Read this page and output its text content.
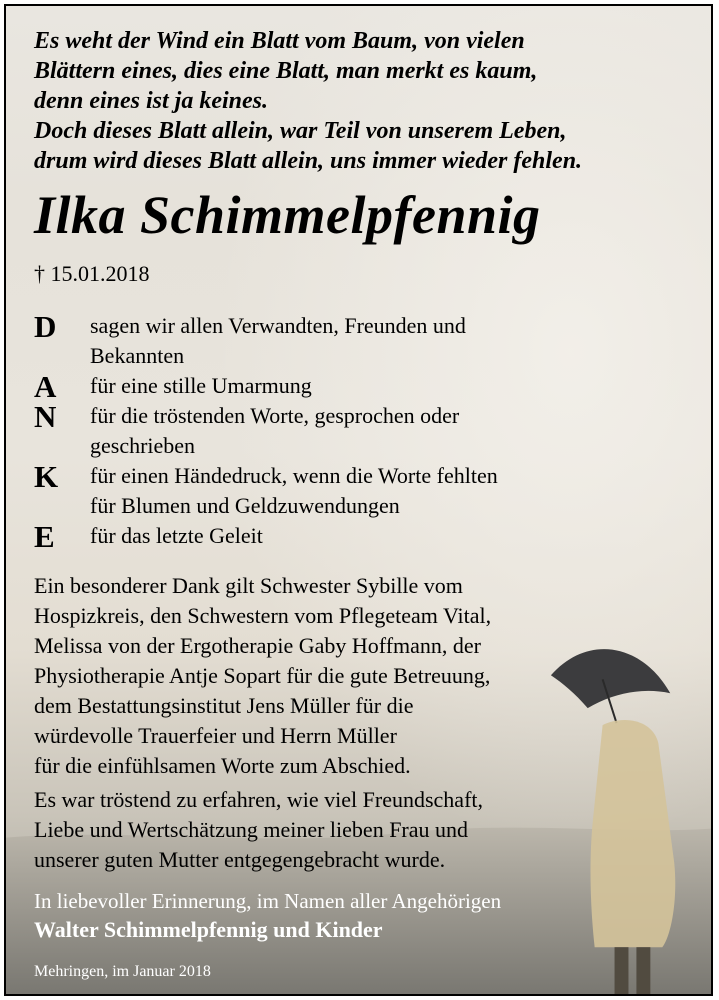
Es weht der Wind ein Blatt vom Baum, von vielen
Blättern eines, dies eine Blatt, man merkt es kaum,
denn eines ist ja keines.
Doch dieses Blatt allein, war Teil von unserem Leben,
drum wird dieses Blatt allein, uns immer wieder fehlen.
Ilka Schimmelpfennig
† 15.01.2018
D sagen wir allen Verwandten, Freunden und
Bekannten
A für eine stille Umarmung
N für die tröstenden Worte, gesprochen oder
geschrieben
K für einen Händedruck, wenn die Worte fehlten
für Blumen und Geldzuwendungen
E für das letzte Geleit
Ein besonderer Dank gilt Schwester Sybille vom
Hospizkreis, den Schwestern vom Pflegeteam Vital,
Melissa von der Ergotherapie Gaby Hoffmann, der
Physiotherapie Antje Sopart für die gute Betreuung,
dem Bestattungsinstitut Jens Müller für die
würdevolle Trauerfeier und Herrn Müller
für die einfühlsamen Worte zum Abschied.
Es war tröstend zu erfahren, wie viel Freundschaft,
Liebe und Wertschätzung meiner lieben Frau und
unserer guten Mutter entgegengebracht wurde.
In liebevoller Erinnerung, im Namen aller Angehörigen
Walter Schimmelpfennig und Kinder
Mehringen, im Januar 2018
